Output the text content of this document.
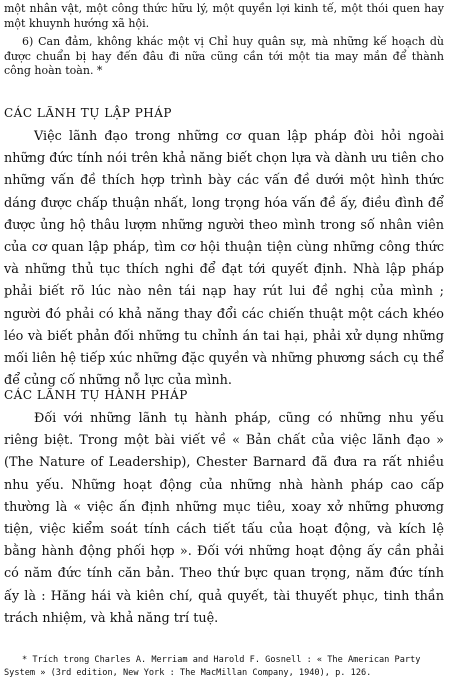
một nhân vật, một công thức hữu lý, một quyền lợi kinh tế, một thói quen hay một khuynh hướng xã hội.

6) Can đảm, không khác một vị Chỉ huy quân sự, mà những kế hoạch dù được chuẩn bị hay đến đâu đi nữa cũng cần tới một tia may mắn để thành công hoàn toàn. *

CÁC LÃNH TỤ LẬP PHÁP

Việc lãnh đạo trong những cơ quan lập pháp đòi hỏi ngoài những đức tính nói trên khả năng biết chọn lựa và dành ưu tiên cho những vấn đề thích hợp trình bày các vấn đề dưới một hình thức dáng được chấp thuận nhất, long trọng hóa vấn đề ấy, điều đình để được ủng hộ thâu lượm những người theo mình trong số nhân viên của cơ quan lập pháp, tìm cơ hội thuận tiện cùng những công thức và những thủ tục thích nghi để đạt tới quyết định. Nhà lập pháp phải biết rõ lúc nào nên tái nạp hay rút lui đề nghị của mình ; người đó phải có khả năng thay đổi các chiến thuật một cách khéo léo và biết phản đối những tu chỉnh án tai hại, phải xử dụng những mối liên hệ tiếp xúc những đặc quyền và những phương sách cụ thể để củng cố những nỗ lực của mình.

CÁC LÃNH TỤ HÀNH PHÁP

Đối với những lãnh tụ hành pháp, cũng có những nhu yếu riêng biệt. Trong một bài viết về « Bản chất của việc lãnh đạo » (The Nature of Leadership), Chester Barnard đã đưa ra rất nhiều nhu yếu. Những hoạt động của những nhà hành pháp cao cấp thường là « việc ấn định những mục tiêu, xoay xở những phương tiện, việc kiểm soát tính cách tiết tấu của hoạt động, và kích lệ bằng hành động phối hợp ». Đối với những hoạt động ấy cần phải có năm đức tính căn bản. Theo thứ bực quan trọng, năm đức tính ấy là : Hăng hái và kiên chí, quả quyết, tài thuyết phục, tinh thần trách nhiệm, và khả năng trí tuệ.

* Trích trong Charles A. Merriam and Harold F. Gosnell : « The American Party System » (3rd edition, New York : The MacMillan Company, 1940), p. 126.
